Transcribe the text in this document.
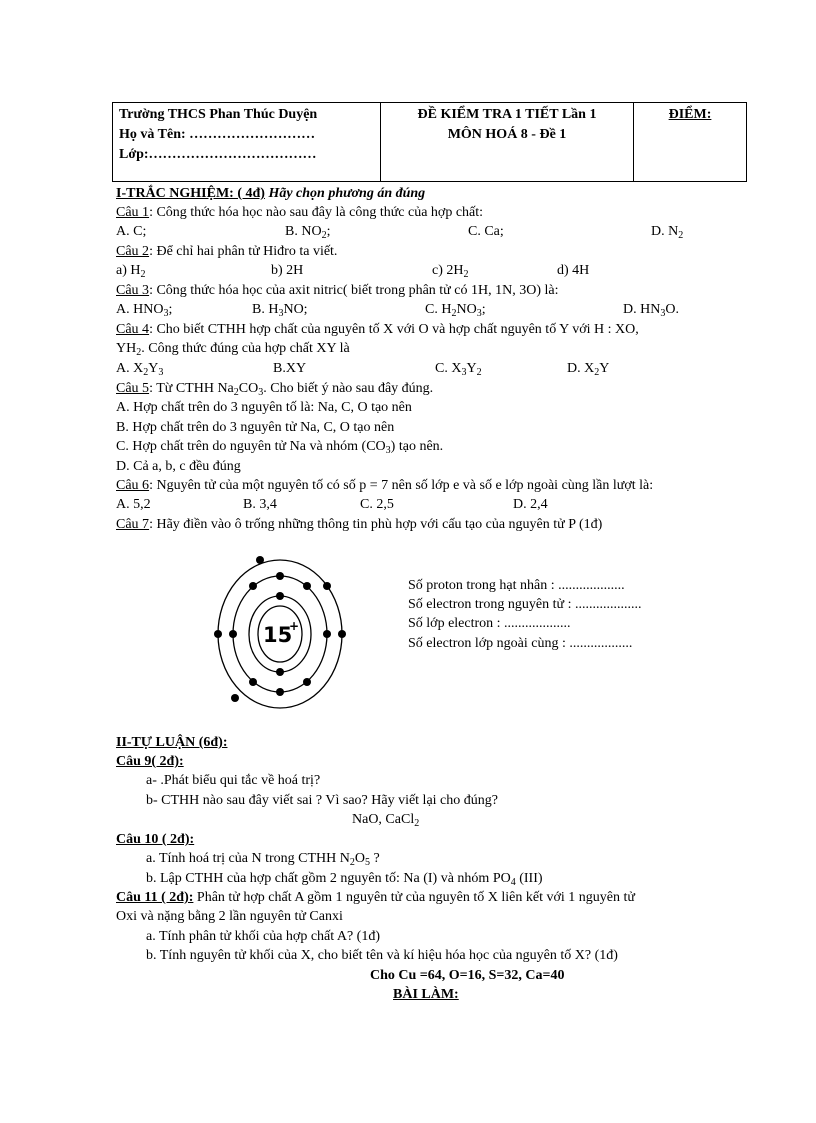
Trường THCS Phan Thúc Duyện
Họ và Tên: ………………………
Lớp:………………………………

ĐỀ KIỂM TRA 1 TIẾT Lần 1
MÔN HOÁ 8 - Đề 1

ĐIỂM:
I-TRẮC NGHIỆM: ( 4đ) Hãy chọn phương án đúng
Câu 1: Công thức hóa học nào sau đây là công thức của hợp chất:
A. C;	B. $NO_2$;	C. Ca;	D. $N_2$
Câu 2: Để chỉ hai phân tử Hiđro ta viết.
a) $H_2$	b) 2H	c) $2H_2$	d) 4H
Câu 3: Công thức hóa học của axit nitric( biết trong phân tử có 1H, 1N, 3O) là:
A. $HNO_3$;	B. $H_3NO$;	C. $H_2NO_3$;	D. $HN_3O$.
Câu 4: Cho biết CTHH hợp chất của nguyên tố X với O và hợp chất nguyên tố Y với H : XO,
$YH_2$. Công thức đúng của hợp chất XY là
A. $X_2Y_3$	B.XY	C. $X_3Y_2$	D. $X_2Y$
Câu 5: Từ CTHH $Na_2CO_3$. Cho biết ý nào sau đây đúng.
A. Hợp chất trên do 3 nguyên tố là: Na, C, O tạo nên
B. Hợp chất trên do 3 nguyên tử Na, C, O tạo nên
C. Hợp chất trên do nguyên tử Na và nhóm $(CO_3)$ tạo nên.
D. Cả a, b, c đều đúng
Câu 6: Nguyên tử của một nguyên tố có số p = 7 nên số lớp e và số e lớp ngoài cùng lần lượt là:
A. 5,2	B. 3,4	C. 2,5	D. 2,4
Câu 7: Hãy điền vào ô trống những thông tin phù hợp với cấu tạo của nguyên tử P (1đ)
15
+
Số proton trong hạt nhân : ...................
Số electron trong nguyên tử : ...................
Số lớp electron : ...................
Số electron lớp ngoài cùng : ..................
II-TỰ LUẬN (6đ):
Câu 9( 2đ):
a- .Phát biểu qui tắc về hoá trị?
b- CTHH nào sau đây viết sai ? Vì sao? Hãy viết lại cho đúng?
NaO, CaCl$_2$
Câu 10 ( 2đ):
a. Tính hoá trị của N trong CTHH $N_2O_5$ ?
b. Lập CTHH của hợp chất gồm 2 nguyên tố: Na (I) và nhóm $PO_4$ (III)
Câu 11 ( 2đ): Phân tử hợp chất A gồm 1 nguyên tử của nguyên tố X liên kết với 1 nguyên tử
Oxi và nặng bằng 2 lần nguyên tử Canxi
a. Tính phân tử khối của hợp chất A? (1đ)
b. Tính nguyên tử khối của X, cho biết tên và kí hiệu hóa học của nguyên tố X? (1đ)
Cho Cu =64, O=16, S=32, Ca=40
BÀI LÀM:
